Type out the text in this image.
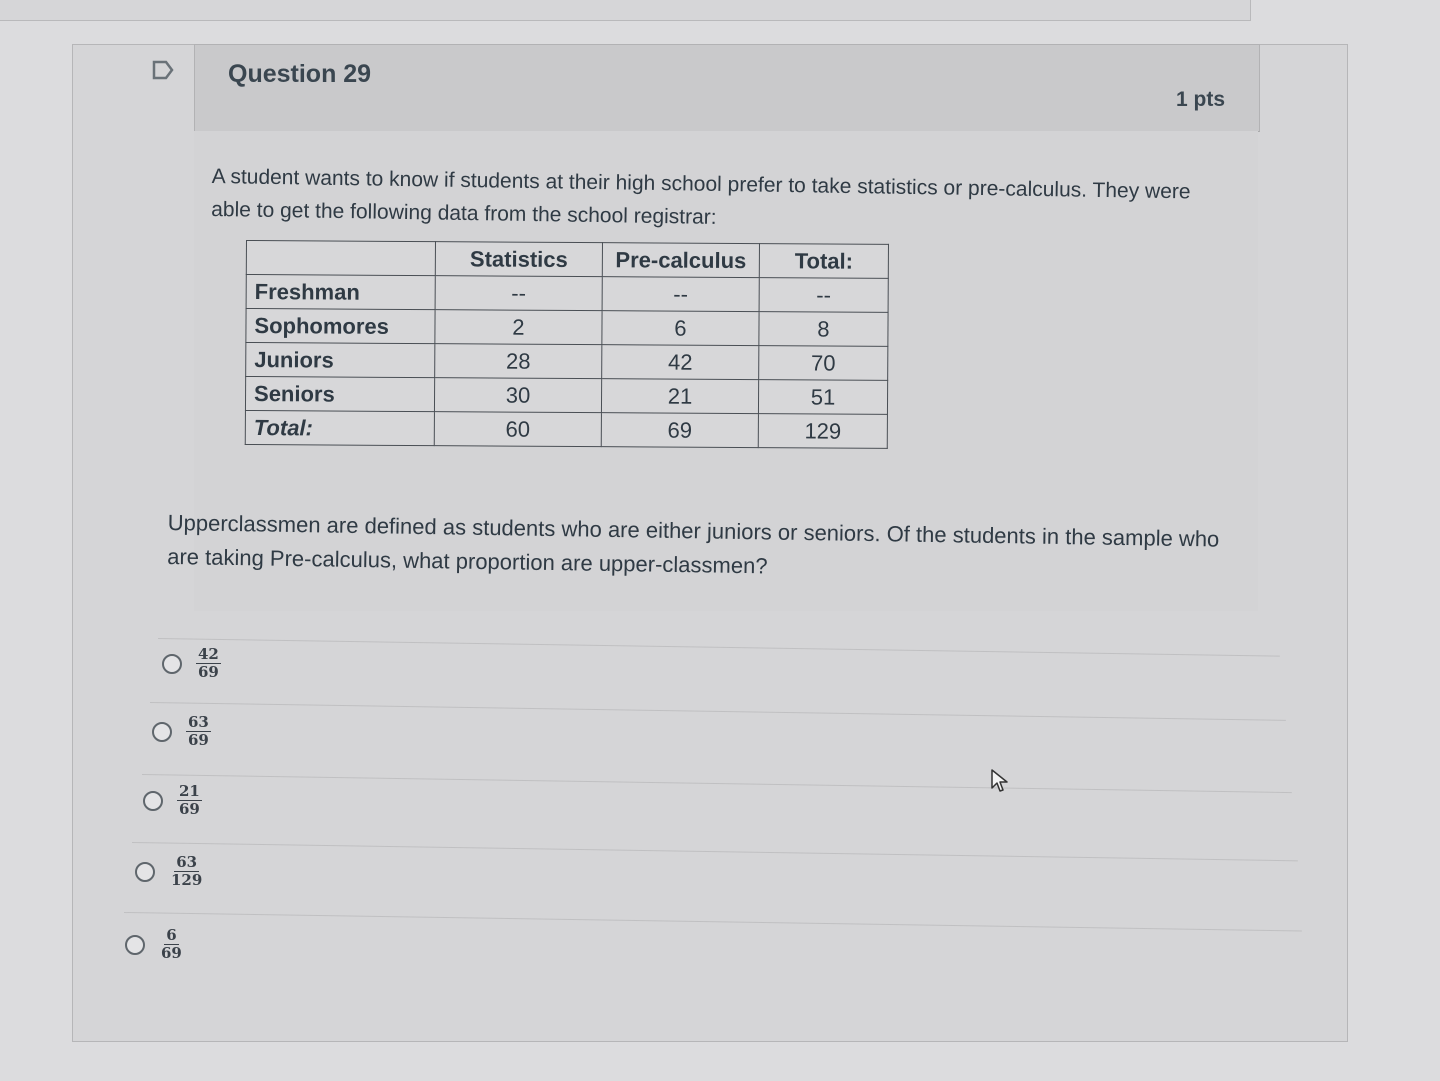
Question 29
1 pts
A student wants to know if students at their high school prefer to take statistics or pre-calculus. They were able to get the following data from the school registrar:
	Statistics	Pre-calculus	Total:
Freshman	--	--	--
Sophomores	2	6	8
Juniors	28	42	70
Seniors	30	21	51
Total:	60	69	129
Upperclassmen are defined as students who are either juniors or seniors. Of the students in the sample who are taking Pre-calculus, what proportion are upper-classmen?
$\frac{42}{69}$
$\frac{63}{69}$
$\frac{21}{69}$
$\frac{63}{129}$
$\frac{6}{69}$
